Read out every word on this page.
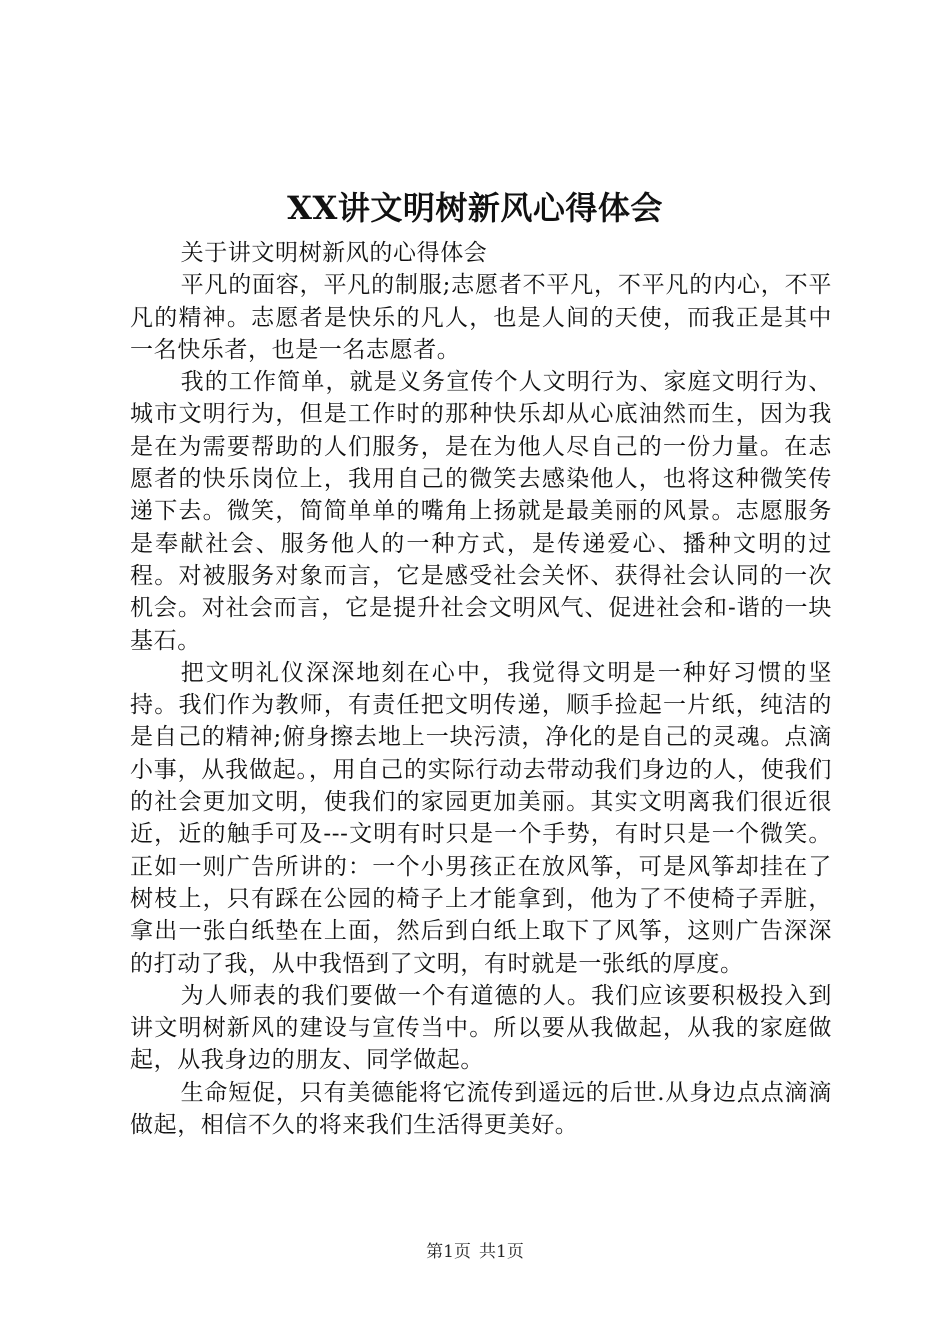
XX讲文明树新风心得体会

关于讲文明树新风的心得体会

平凡的面容，平凡的制服;志愿者不平凡，不平凡的内心，不平凡的精神。志愿者是快乐的凡人，也是人间的天使，而我正是其中一名快乐者，也是一名志愿者。

我的工作简单，就是义务宣传个人文明行为、家庭文明行为、城市文明行为，但是工作时的那种快乐却从心底油然而生，因为我是在为需要帮助的人们服务，是在为他人尽自己的一份力量。在志愿者的快乐岗位上，我用自己的微笑去感染他人，也将这种微笑传递下去。微笑，简简单单的嘴角上扬就是最美丽的风景。志愿服务是奉献社会、服务他人的一种方式，是传递爱心、播种文明的过程。对被服务对象而言，它是感受社会关怀、获得社会认同的一次机会。对社会而言，它是提升社会文明风气、促进社会和-谐的一块基石。

把文明礼仪深深地刻在心中，我觉得文明是一种好习惯的坚持。我们作为教师，有责任把文明传递，顺手捡起一片纸，纯洁的是自己的精神;俯身擦去地上一块污渍，净化的是自己的灵魂。点滴小事，从我做起。，用自己的实际行动去带动我们身边的人，使我们的社会更加文明，使我们的家园更加美丽。其实文明离我们很近很近，近的触手可及---文明有时只是一个手势，有时只是一个微笑。正如一则广告所讲的：一个小男孩正在放风筝，可是风筝却挂在了树枝上，只有踩在公园的椅子上才能拿到，他为了不使椅子弄脏，拿出一张白纸垫在上面，然后到白纸上取下了风筝，这则广告深深的打动了我，从中我悟到了文明，有时就是一张纸的厚度。

为人师表的我们要做一个有道德的人。我们应该要积极投入到讲文明树新风的建设与宣传当中。所以要从我做起，从我的家庭做起，从我身边的朋友、同学做起。

生命短促，只有美德能将它流传到遥远的后世.从身边点点滴滴做起，相信不久的将来我们生活得更美好。

第1页 共1页
